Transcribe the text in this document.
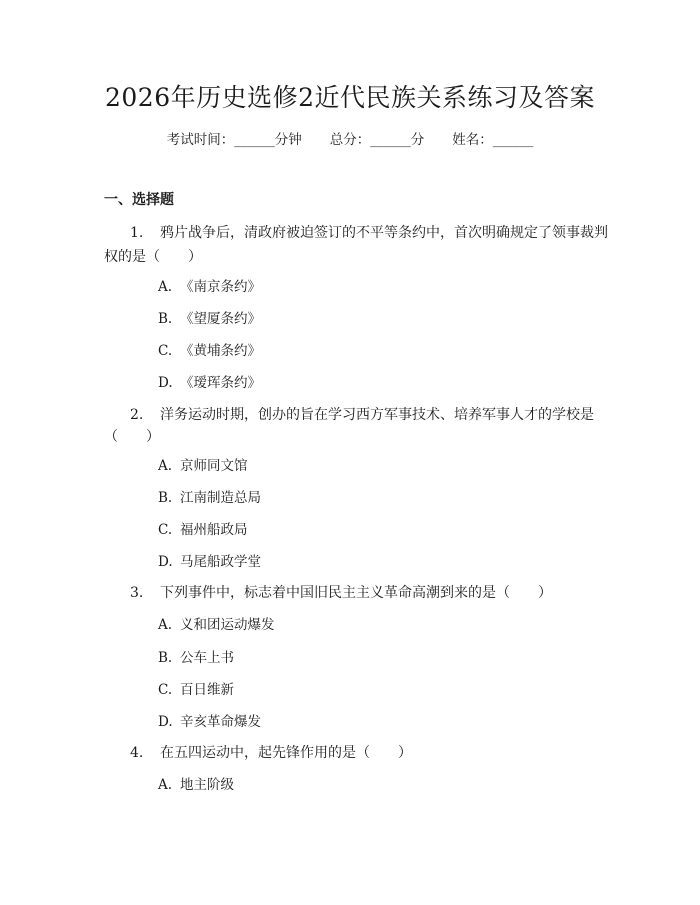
2026年历史选修2近代民族关系练习及答案
考试时间：______分钟 总分：______分 姓名：______
一、选择题
1. 鸦片战争后，清政府被迫签订的不平等条约中，首次明确规定了领事裁判
权的是（　　）
A. 《南京条约》
B. 《望厦条约》
C. 《黄埔条约》
D. 《瑷珲条约》
2. 洋务运动时期，创办的旨在学习西方军事技术、培养军事人才的学校是
（　　）
A. 京师同文馆
B. 江南制造总局
C. 福州船政局
D. 马尾船政学堂
3. 下列事件中，标志着中国旧民主主义革命高潮到来的是（　　）
A. 义和团运动爆发
B. 公车上书
C. 百日维新
D. 辛亥革命爆发
4. 在五四运动中，起先锋作用的是（　　）
A. 地主阶级
